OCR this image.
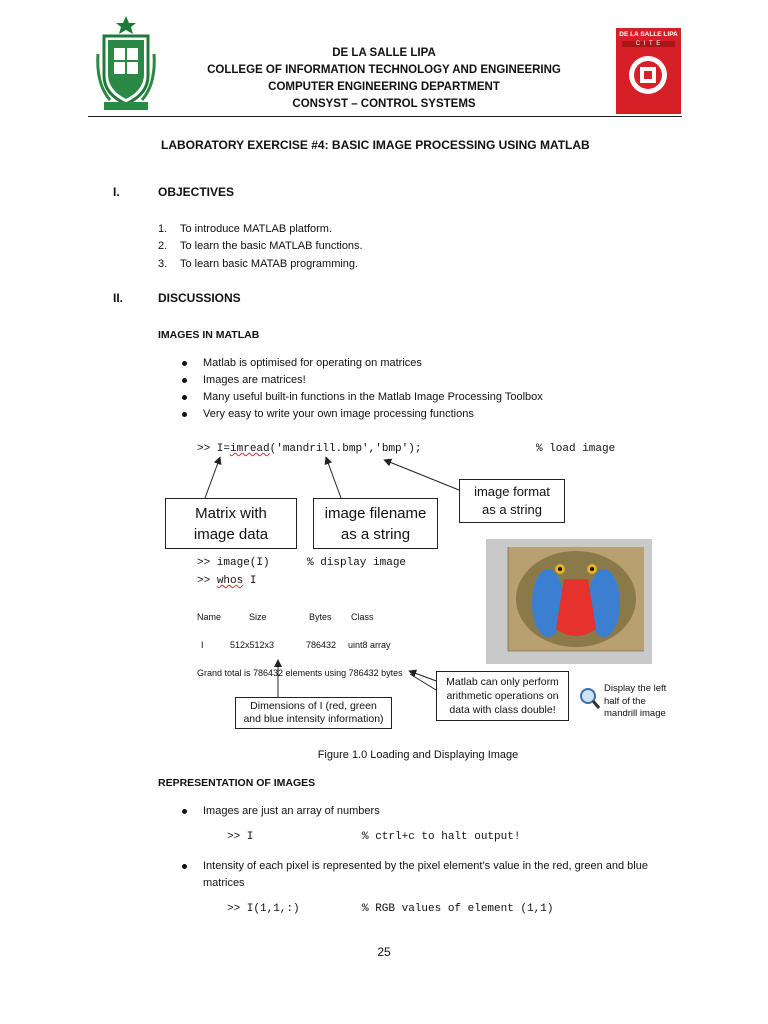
DE LA SALLE LIPA
C I T E
DE LA SALLE LIPA
COLLEGE OF INFORMATION TECHNOLOGY AND ENGINEERING
COMPUTER ENGINEERING DEPARTMENT
CONSYST – CONTROL SYSTEMS
LABORATORY EXERCISE #4: BASIC IMAGE PROCESSING USING MATLAB
I.	OBJECTIVES
1. To introduce MATLAB platform.
2. To learn the basic MATLAB functions.
3. To learn basic MATAB programming.
II.	DISCUSSIONS
IMAGES IN MATLAB
Matlab is optimised for operating on matrices
Images are matrices!
Many useful built-in functions in the Matlab Image Processing Toolbox
Very easy to write your own image processing functions
>> I=imread('mandrill.bmp','bmp');	% load image
Matrix with
image data
image filename
as a string
image format
as a string
>> image(I)	% display image
>> whos I
Name	Size	Bytes Class
I	512x512x3	786432 uint8 array
Grand total is 786432 elements using 786432 bytes
Dimensions of I (red, green
and blue intensity information)
Matlab can only perform
arithmetic operations on
data with class double!
Display the left
half of the
mandrill image
Figure 1.0 Loading and Displaying Image
REPRESENTATION OF IMAGES
Images are just an array of numbers
>> I	% ctrl+c to halt output!
Intensity of each pixel is represented by the pixel element’s value in the red, green and blue
matrices
>> I(1,1,:)	% RGB values of element (1,1)
25
